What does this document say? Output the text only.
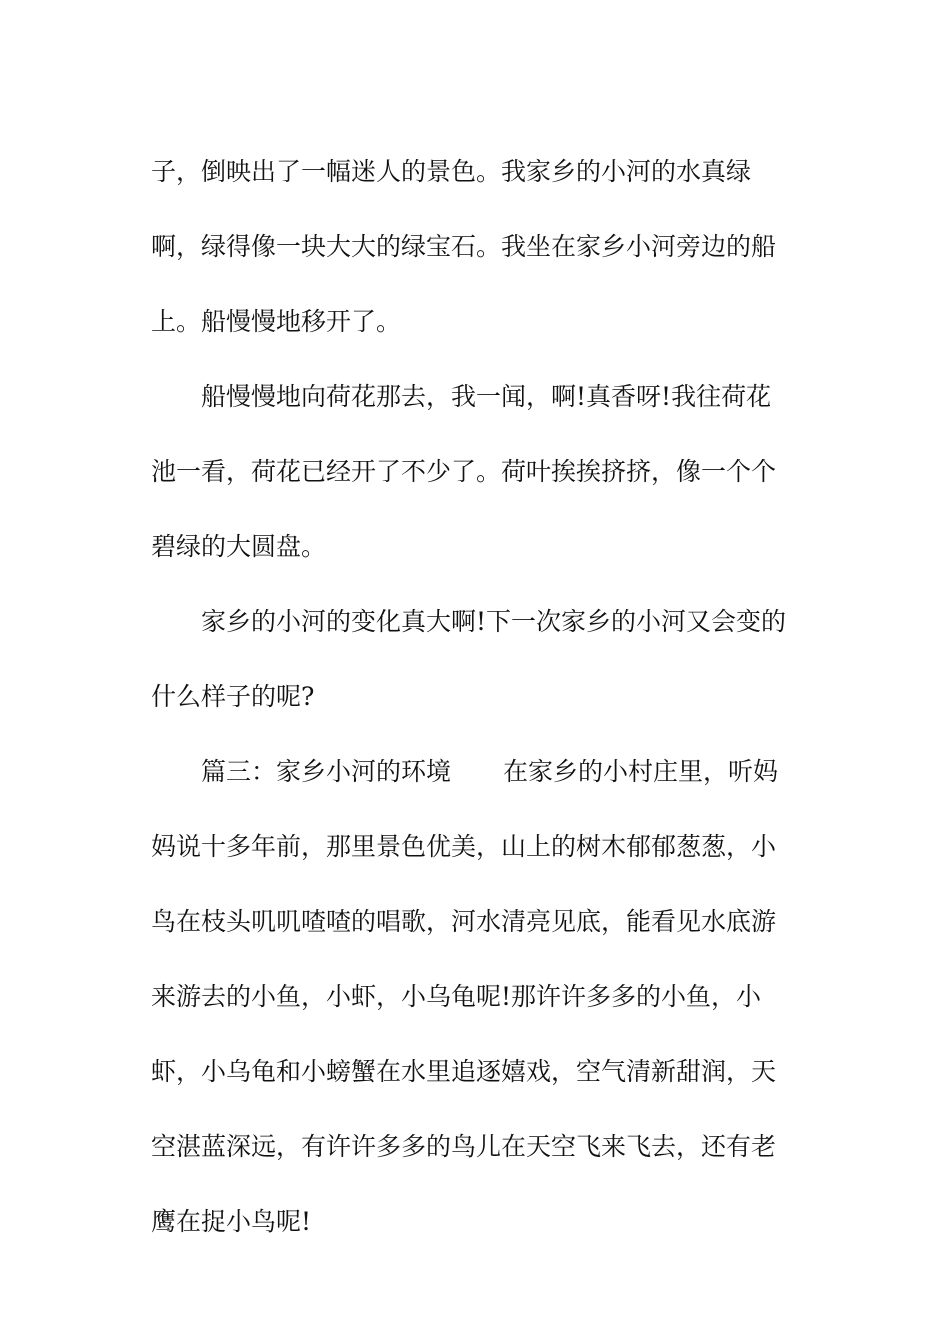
子，倒映出了一幅迷人的景色。我家乡的小河的水真绿
啊，绿得像一块大大的绿宝石。我坐在家乡小河旁边的船
上。船慢慢地移开了。
船慢慢地向荷花那去，我一闻，啊!真香呀!我往荷花
池一看，荷花已经开了不少了。荷叶挨挨挤挤，像一个个
碧绿的大圆盘。
家乡的小河的变化真大啊!下一次家乡的小河又会变的
什么样子的呢?
篇三：家乡小河的环境 在家乡的小村庄里，听妈
妈说十多年前，那里景色优美，山上的树木郁郁葱葱，小
鸟在枝头叽叽喳喳的唱歌，河水清亮见底，能看见水底游
来游去的小鱼，小虾，小乌龟呢!那许许多多的小鱼，小
虾，小乌龟和小螃蟹在水里追逐嬉戏，空气清新甜润，天
空湛蓝深远，有许许多多的鸟儿在天空飞来飞去，还有老
鹰在捉小鸟呢!
